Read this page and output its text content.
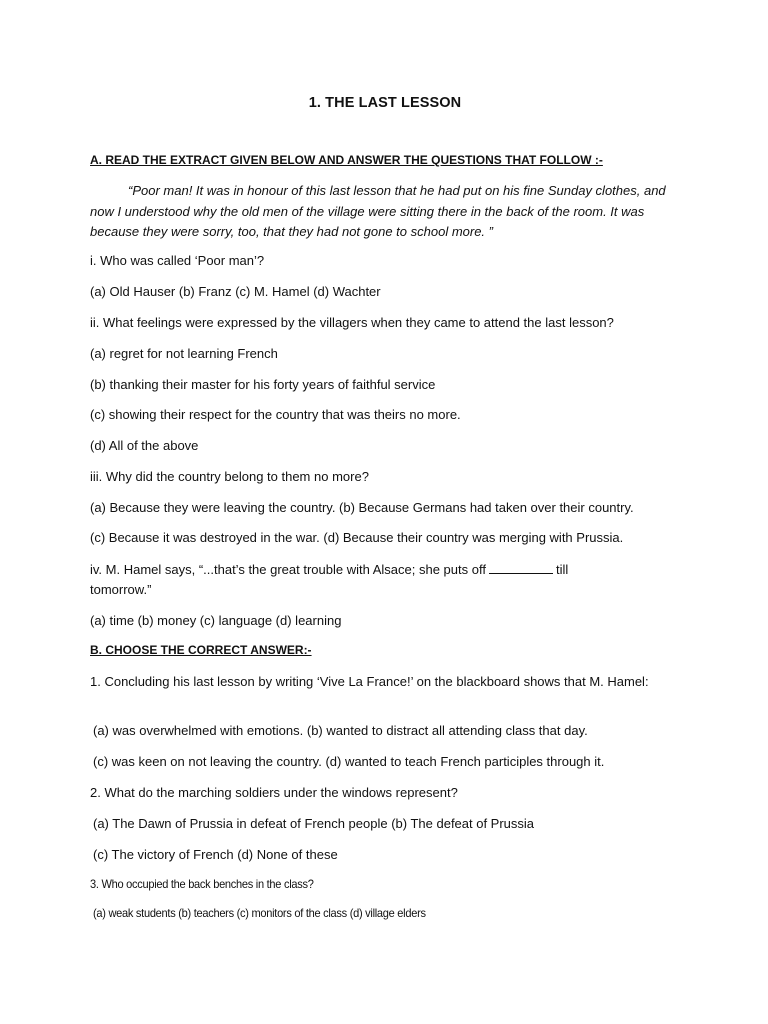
1. THE LAST LESSON
A. READ THE EXTRACT GIVEN BELOW AND ANSWER THE QUESTIONS THAT FOLLOW :-
“Poor man! It was in honour of this last lesson that he had put on his fine Sunday clothes, and now I understood why the old men of the village were sitting there in the back of the room. It was because they were sorry, too, that they had not gone to school more. ”
i. Who was called ‘Poor man’?
(a) Old Hauser (b) Franz (c) M. Hamel (d) Wachter
ii. What feelings were expressed by the villagers when they came to attend the last lesson?
(a) regret for not learning French
(b) thanking their master for his forty years of faithful service
(c) showing their respect for the country that was theirs no more.
(d) All of the above
iii. Why did the country belong to them no more?
(a) Because they were leaving the country. (b) Because Germans had taken over their country.
(c) Because it was destroyed in the war. (d) Because their country was merging with Prussia.
iv. M. Hamel says, “...that’s the great trouble with Alsace; she puts off	till
tomorrow.”
(a) time (b) money (c) language (d) learning
B. CHOOSE THE CORRECT ANSWER:-
1. Concluding his last lesson by writing ‘Vive La France!’ on the blackboard shows that M. Hamel:
(a) was overwhelmed with emotions. (b) wanted to distract all attending class that day.
(c) was keen on not leaving the country. (d) wanted to teach French participles through it.
2. What do the marching soldiers under the windows represent?
(a) The Dawn of Prussia in defeat of French people (b) The defeat of Prussia
(c) The victory of French (d) None of these
3. Who occupied the back benches in the class?
(a) weak students (b) teachers (c) monitors of the class (d) village elders
